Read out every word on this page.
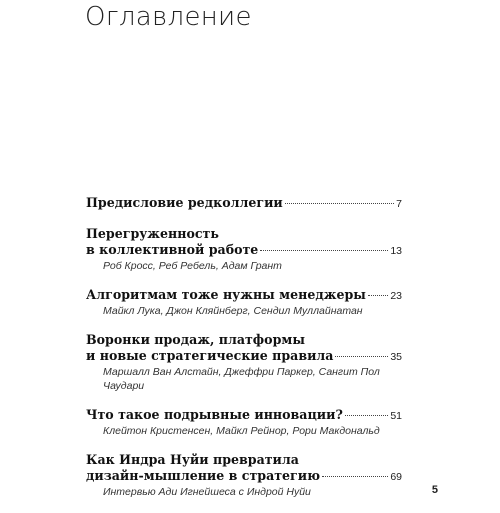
Оглавление
Предисловие редколлегии	7
Перегруженность
в коллективной работе	13
Роб Кросс, Реб Ребель, Адам Грант
Алгоритмам тоже нужны менеджеры 23
Майкл Лука, Джон Кляйнберг, Сендил Муллайнатан
Воронки продаж, платформы
и новые стратегические правила	35
Маршалл Ван Алстайн, Джеффри Паркер, Сангит Пол Чаудари
Что такое подрывные инновации?	51
Клейтон Кристенсен, Майкл Рейнор, Рори Макдональд
Как Индра Нуйи превратила
дизайн-мышление в стратегию	69
Интервью Ади Игнейшеса с Индрой Нуйи	5
